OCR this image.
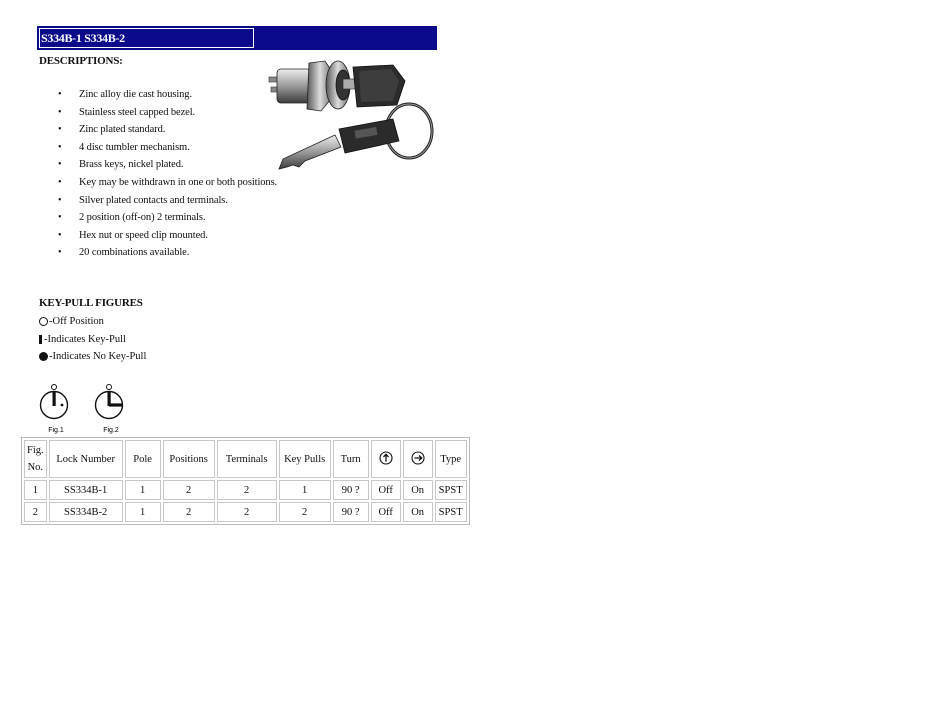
S334B-1 S334B-2
DESCRIPTIONS:
• Zinc alloy die cast housing.
• Stainless steel capped bezel.
• Zinc plated standard.
• 4 disc tumbler mechanism.
• Brass keys, nickel plated.
• Key may be withdrawn in one or both positions.
• Silver plated contacts and terminals.
• 2 position (off-on) 2 terminals.
• Hex nut or speed clip mounted.
• 20 combinations available.
KEY-PULL FIGURES
-Off Position
-Indicates Key-Pull
-Indicates No Key-Pull
Fig.1	Fig.2
Fig.
No.	Lock Number	Pole	Positions	Terminals	Key Pulls	Turn			Type
1	SS334B-1	1	2	2	1	90 ?	Off	On	SPST
2	SS334B-2	1	2	2	2	90 ?	Off	On	SPST
